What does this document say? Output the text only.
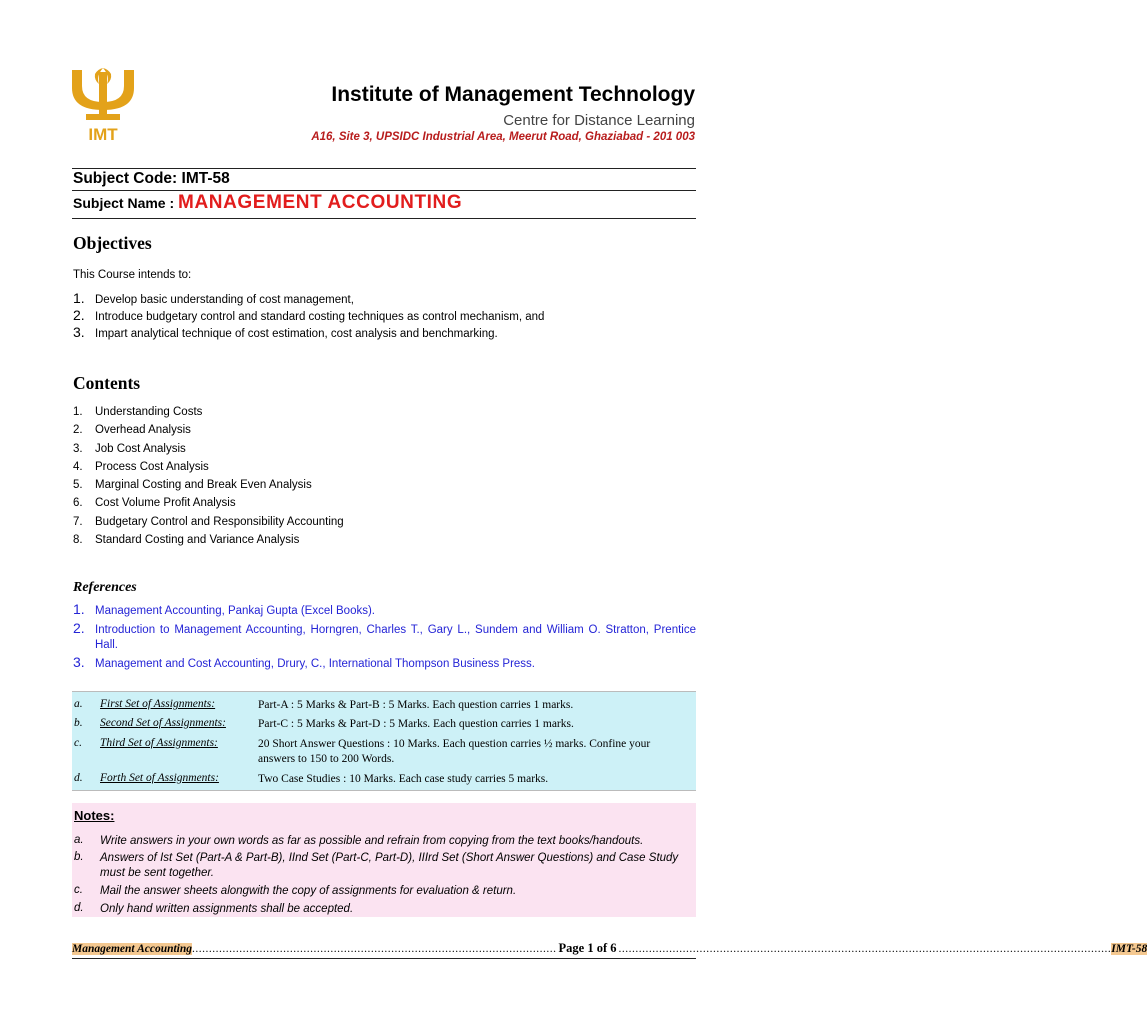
IMT
Institute of Management Technology
Centre for Distance Learning
A16, Site 3, UPSIDC Industrial Area, Meerut Road, Ghaziabad - 201 003
Subject Code: IMT-58
Subject Name : MANAGEMENT ACCOUNTING
Objectives
This Course intends to:
1. Develop basic understanding of cost management,
2. Introduce budgetary control and standard costing techniques as control mechanism, and
3. Impart analytical technique of cost estimation, cost analysis and benchmarking.
Contents
1.	Understanding Costs
2.	Overhead Analysis
3.	Job Cost Analysis
4.	Process Cost Analysis
5.	Marginal Costing and Break Even Analysis
6.	Cost Volume Profit Analysis
7.	Budgetary Control and Responsibility Accounting
8.	Standard Costing and Variance Analysis
References
1. Management Accounting, Pankaj Gupta (Excel Books).
2. Introduction to Management Accounting, Horngren, Charles T., Gary L., Sundem and William O. Stratton, Prentice Hall.
3. Management and Cost Accounting, Drury, C., International Thompson Business Press.
a.	First Set of Assignments:	Part-A : 5 Marks & Part-B : 5 Marks. Each question carries 1 marks.
b.	Second Set of Assignments:	Part-C : 5 Marks & Part-D : 5 Marks. Each question carries 1 marks.
c.	Third Set of Assignments:	20 Short Answer Questions : 10 Marks. Each question carries ½ marks. Confine your answers to 150 to 200 Words.
d.	Forth Set of Assignments:	Two Case Studies : 10 Marks. Each case study carries 5 marks.
Notes:
a.	Write answers in your own words as far as possible and refrain from copying from the text books/handouts.
b.	Answers of Ist Set (Part-A & Part-B), IInd Set (Part-C, Part-D), IIIrd Set (Short Answer Questions) and Case Study must be sent together.
c.	Mail the answer sheets alongwith the copy of assignments for evaluation & return.
d.	Only hand written assignments shall be accepted.
Management Accounting ............................................................................................................ Page 1 of 6 .................................................................................................................................................. IMT-58
